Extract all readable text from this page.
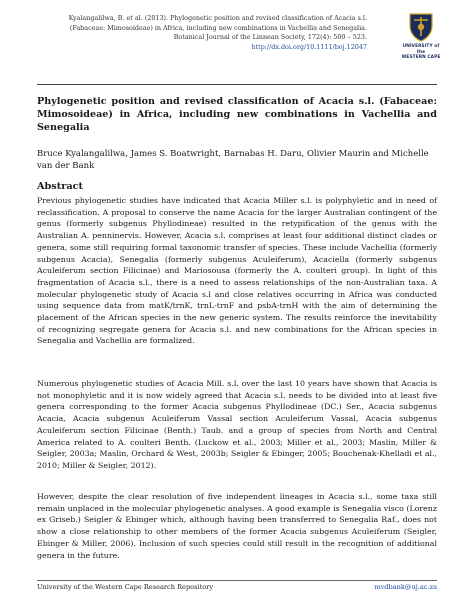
Kyalangalilwa, B. et al. (2013). Phylogenetic position and revised classification of Acacia s.l.
(Fabaceae: Mimosoideae) in Africa, including new combinations in Vachellia and Senegalia.
Botanical Journal of the Linnean Society, 172(4): 500 – 523.
http://dx.doi.org/10.1111/boj.12047	UNIVERSITY of the
WESTERN CAPE
Phylogenetic position and revised classification of Acacia s.l. (Fabaceae: Mimosoideae) in Africa, including new combinations in Vachellia and Senegalia
Bruce Kyalangalilwa, James S. Boatwright, Barnabas H. Daru, Olivier Maurin and Michelle van der Bank
Abstract
Previous phylogenetic studies have indicated that Acacia Miller s.l. is polyphyletic and in need of reclassification. A proposal to conserve the name Acacia for the larger Australian contingent of the genus (formerly subgenus Phyllodineae) resulted in the retypification of the genus with the Australian A. penninervis. However, Acacia s.l. comprises at least four additional distinct clades or genera, some still requiring formal taxonomic transfer of species. These include Vachellia (formerly subgenus Acacia), Senegalia (formerly subgenus Aculeiferum), Acaciella (formerly subgenus Aculeiferum section Filicinae) and Mariosousa (formerly the A. coulteri group). In light of this fragmentation of Acacia s.l., there is a need to assess relationships of the non-Australian taxa. A molecular phylogenetic study of Acacia s.l and close relatives occurring in Africa was conducted using sequence data from matK/trnK, trnL-trnF and psbA-trnH with the aim of determining the placement of the African species in the new generic system. The results reinforce the inevitability of recognizing segregate genera for Acacia s.l. and new combinations for the African species in Senegalia and Vachellia are formalized.
Numerous phylogenetic studies of Acacia Mill. s.l. over the last 10 years have shown that Acacia is not monophyletic and it is now widely agreed that Acacia s.l. needs to be divided into at least five genera corresponding to the former Acacia subgenus Phyllodineae (DC.) Ser., Acacia subgenus Acacia, Acacia subgenus Aculeiferum Vassal section Aculeiferum Vassal, Acacia subgenus Aculeiferum section Filicinae (Benth.) Taub. and a group of species from North and Central America related to A. coulteri Benth. (Luckow et al., 2003; Miller et al., 2003; Maslin, Miller & Seigler, 2003a; Maslin, Orchard & West, 2003b; Seigler & Ebinger, 2005; Bouchenak-Khelladi et al., 2010; Miller & Seigler, 2012).
However, despite the clear resolution of five independent lineages in Acacia s.l., some taxa still remain unplaced in the molecular phylogenetic analyses. A good example is Senegalia visco (Lorenz ex Griseb.) Seigler & Ebinger which, although having been transferred to Senegalia Raf., does not show a close relationship to other members of the former Acacia subgenus Aculeiferum (Seigler, Ebinger & Miller, 2006). Inclusion of such species could still result in the recognition of additional genera in the future.
University of the Western Cape Research Repository	mvdbank@uj.ac.za
